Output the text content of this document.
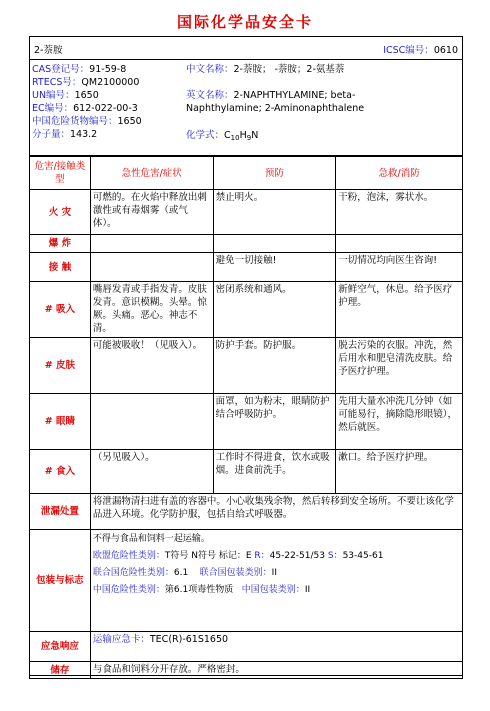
国际化学品安全卡
2-萘胺	ICSC编号：0610

CAS登记号：91-59-8

RTECS号：QM2100000

UN编号：1650

EC编号：612-022-00-3

中国危险货物编号：1650

分子量：143.2

中文名称：2-萘胺； -萘胺；2-氨基萘

英文名称：2-NAPHTHYLAMINE; beta-

Naphthylamine; 2-Aminonaphthalene

化学式：$C_{10}H_9N$

危害/接触类型	急性危害/症状	预防	急救/消防
火 灾	可燃的。在火焰中释放出刺激性或有毒烟雾（或气体）。	禁止明火。	干粉，泡沫，雾状水。
爆 炸			
接 触		避免一切接触!	一切情况均向医生咨询!
# 吸入	嘴唇发青或手指发青。皮肤发青。意识模糊。头晕。惊厥。头痛。恶心。神志不清。	密闭系统和通风。	新鲜空气，休息。给予医疗护理。
# 皮肤	可能被吸收！（见吸入）。	防护手套。防护服。	脱去污染的衣服。冲洗，然后用水和肥皂清洗皮肤。给予医疗护理。
# 眼睛		面罩，如为粉末，眼睛防护结合呼吸防护。	先用大量水冲洗几分钟（如可能易行，摘除隐形眼镜），然后就医。
# 食入	（另见吸入）。	工作时不得进食，饮水或吸烟。进食前洗手。	漱口。给予医疗护理。
泄漏处置	将泄漏物清扫进有盖的容器中。小心收集残余物，然后转移到安全场所。不要让该化学品进入环境。化学防护服，包括自给式呼吸器。		
包装与标志	不得与食品和饲料一起运输。
欧盟危险性类别：T符号 N符号 标记：E R：45-22-51/53 S：53-45-61
联合国危险性类别：6.1    联合国包装类别：II
中国危险性类别：第6.1项毒性物质   中国包装类别：II		

应急响应	运输应急卡：TEC(R)-61S1650		
储存	与食品和饲料分开存放。严格密封。		
